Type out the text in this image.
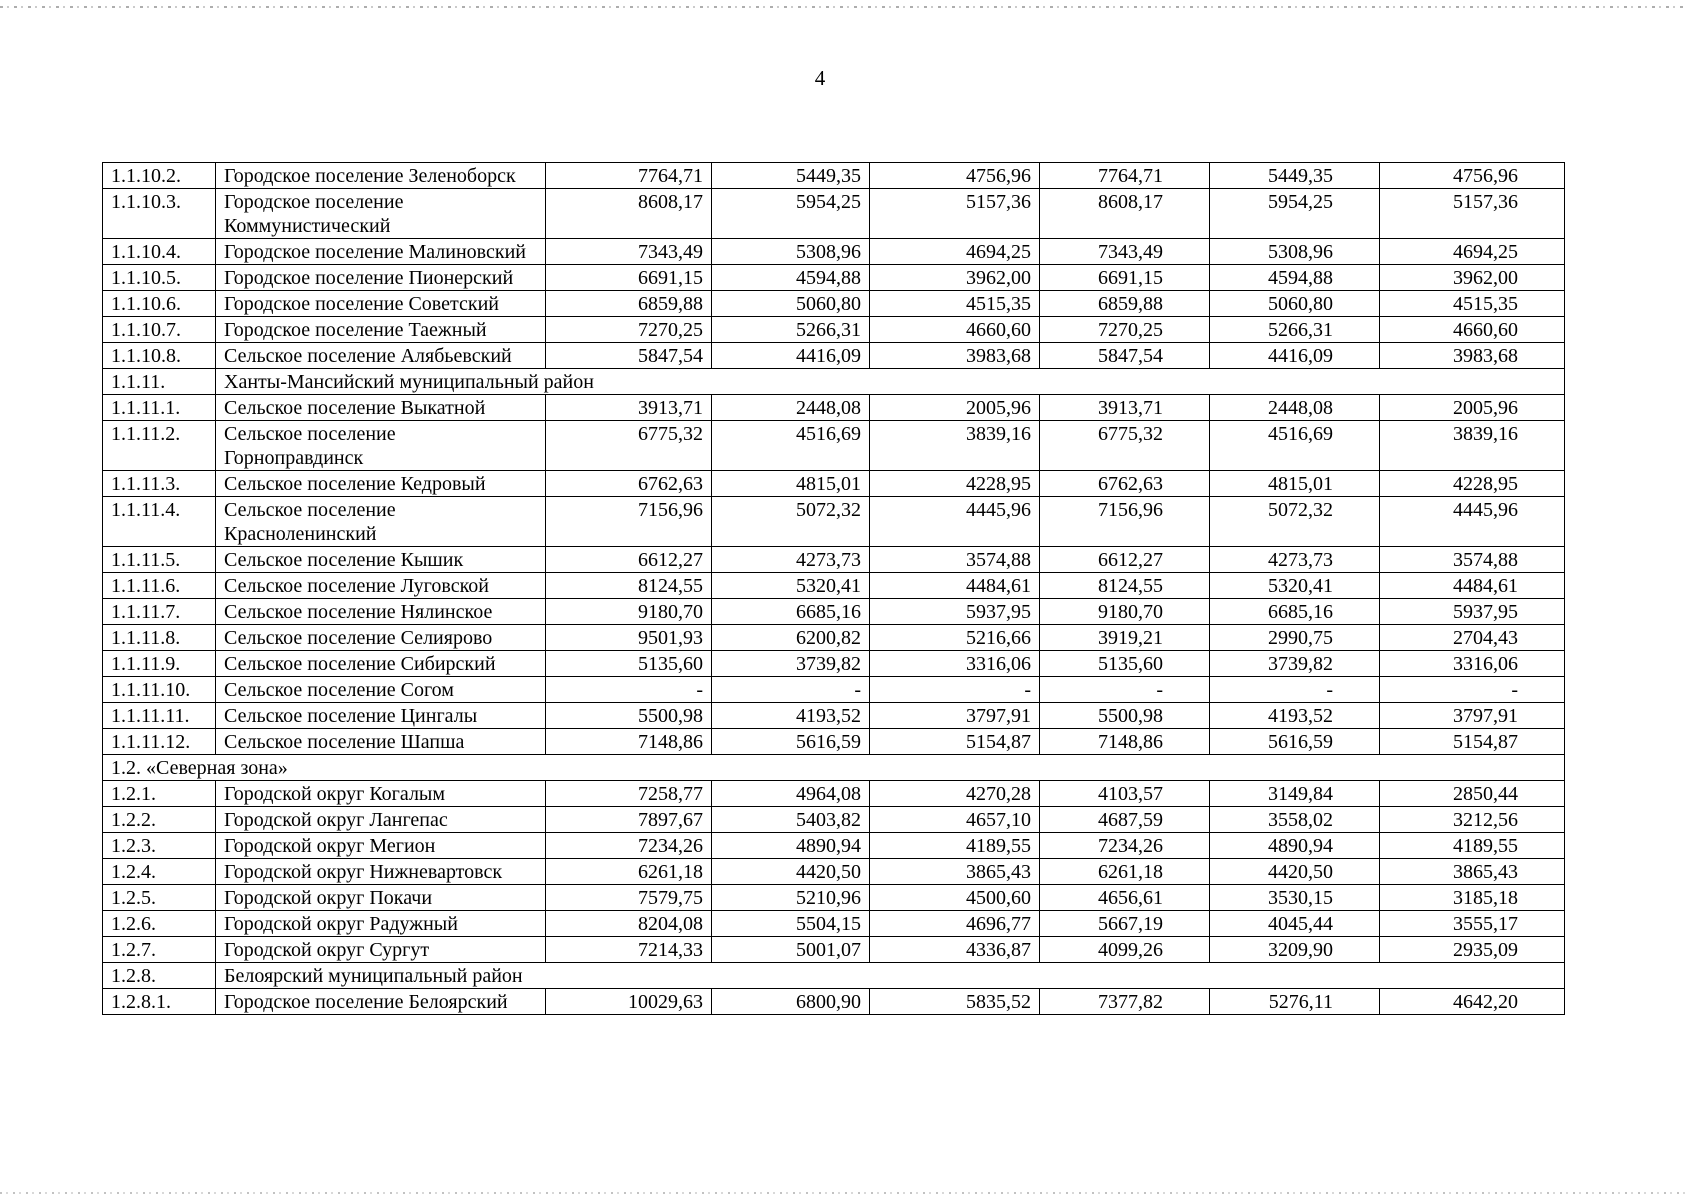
4
1.1.10.2.	Городское поселение Зеленоборск	7764,71	5449,35	4756,96	7764,71	5449,35	4756,96
1.1.10.3.	Городское поселение Коммунистический	8608,17	5954,25	5157,36	8608,17	5954,25	5157,36
1.1.10.4.	Городское поселение Малиновский	7343,49	5308,96	4694,25	7343,49	5308,96	4694,25
1.1.10.5.	Городское поселение Пионерский	6691,15	4594,88	3962,00	6691,15	4594,88	3962,00
1.1.10.6.	Городское поселение Советский	6859,88	5060,80	4515,35	6859,88	5060,80	4515,35
1.1.10.7.	Городское поселение Таежный	7270,25	5266,31	4660,60	7270,25	5266,31	4660,60
1.1.10.8.	Сельское поселение Алябьевский	5847,54	4416,09	3983,68	5847,54	4416,09	3983,68
1.1.11.	Ханты-Мансийский муниципальный район						
1.1.11.1.	Сельское поселение Выкатной	3913,71	2448,08	2005,96	3913,71	2448,08	2005,96
1.1.11.2.	Сельское поселение Горноправдинск	6775,32	4516,69	3839,16	6775,32	4516,69	3839,16
1.1.11.3.	Сельское поселение Кедровый	6762,63	4815,01	4228,95	6762,63	4815,01	4228,95
1.1.11.4.	Сельское поселение Красноленинский	7156,96	5072,32	4445,96	7156,96	5072,32	4445,96
1.1.11.5.	Сельское поселение Кышик	6612,27	4273,73	3574,88	6612,27	4273,73	3574,88
1.1.11.6.	Сельское поселение Луговской	8124,55	5320,41	4484,61	8124,55	5320,41	4484,61
1.1.11.7.	Сельское поселение Нялинское	9180,70	6685,16	5937,95	9180,70	6685,16	5937,95
1.1.11.8.	Сельское поселение Селиярово	9501,93	6200,82	5216,66	3919,21	2990,75	2704,43
1.1.11.9.	Сельское поселение Сибирский	5135,60	3739,82	3316,06	5135,60	3739,82	3316,06
1.1.11.10.	Сельское поселение Согом	-	-	-	-	-	-
1.1.11.11.	Сельское поселение Цингалы	5500,98	4193,52	3797,91	5500,98	4193,52	3797,91
1.1.11.12.	Сельское поселение Шапша	7148,86	5616,59	5154,87	7148,86	5616,59	5154,87
1.2. «Северная зона»							
1.2.1.	Городской округ Когалым	7258,77	4964,08	4270,28	4103,57	3149,84	2850,44
1.2.2.	Городской округ Лангепас	7897,67	5403,82	4657,10	4687,59	3558,02	3212,56
1.2.3.	Городской округ Мегион	7234,26	4890,94	4189,55	7234,26	4890,94	4189,55
1.2.4.	Городской округ Нижневартовск	6261,18	4420,50	3865,43	6261,18	4420,50	3865,43
1.2.5.	Городской округ Покачи	7579,75	5210,96	4500,60	4656,61	3530,15	3185,18
1.2.6.	Городской округ Радужный	8204,08	5504,15	4696,77	5667,19	4045,44	3555,17
1.2.7.	Городской округ Сургут	7214,33	5001,07	4336,87	4099,26	3209,90	2935,09
1.2.8.	Белоярский муниципальный район						
1.2.8.1.	Городское поселение Белоярский	10029,63	6800,90	5835,52	7377,82	5276,11	4642,20
